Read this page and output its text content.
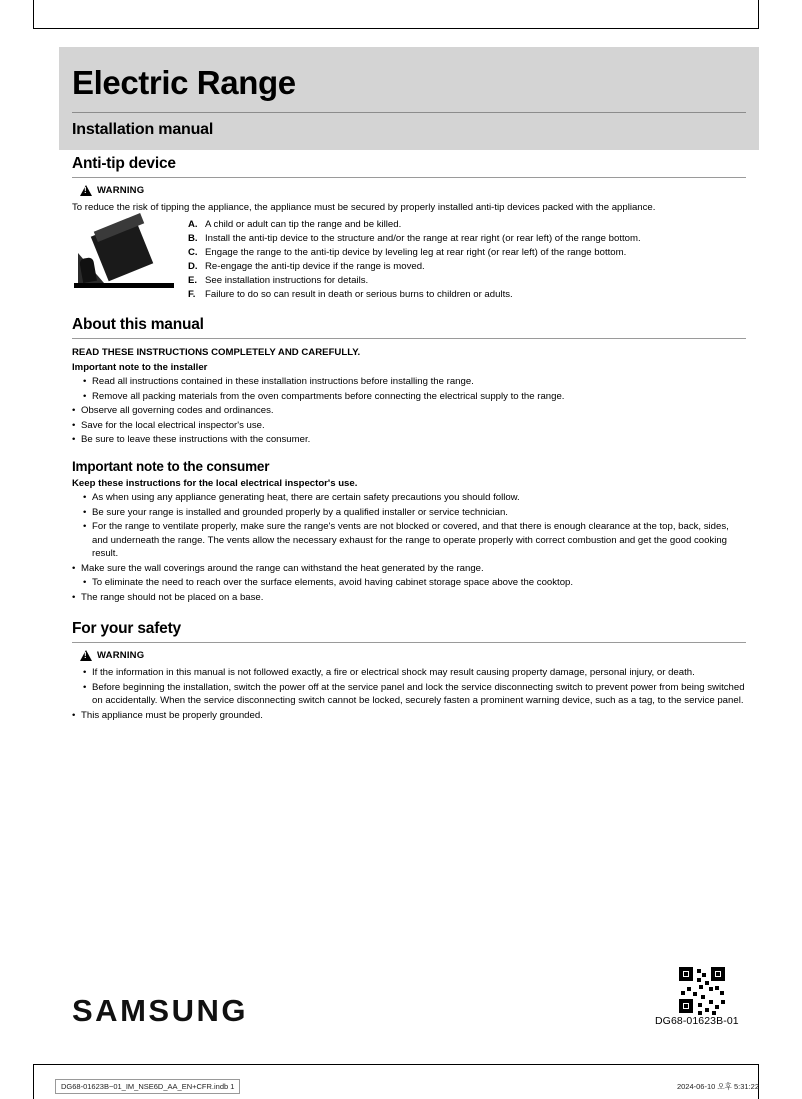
Electric Range
Installation manual
Anti-tip device
!
WARNING

To reduce the risk of tipping the appliance, the appliance must be secured by properly installed anti-tip devices packed with the appliance.

A. A child or adult can tip the range and be killed.
B. Install the anti-tip device to the structure and/or the range at rear right (or rear left) of the range bottom.
C. Engage the range to the anti-tip device by leveling leg at rear right (or rear left) of the range bottom.
D. Re-engage the anti-tip device if the range is moved.
E. See installation instructions for details.
F. Failure to do so can result in death or serious burns to children or adults.
About this manual

READ THESE INSTRUCTIONS COMPLETELY AND CAREFULLY.

Important note to the installer

• Read all instructions contained in these installation instructions before installing the range.
• Remove all packing materials from the oven compartments before connecting the electrical supply to the range.
• Observe all governing codes and ordinances.
• Save for the local electrical inspector's use.
• Be sure to leave these instructions with the consumer.
Important note to the consumer

Keep these instructions for the local electrical inspector's use.

• As when using any appliance generating heat, there are certain safety precautions you should follow.
• Be sure your range is installed and grounded properly by a qualified installer or service technician.
• For the range to ventilate properly, make sure the range's vents are not blocked or covered, and that there is enough clearance at the top, back, sides, and underneath the range. The vents allow the necessary exhaust for the range to operate properly with correct combustion and get the good cooking result.
• Make sure the wall coverings around the range can withstand the heat generated by the range.
• To eliminate the need to reach over the surface elements, avoid having cabinet storage space above the cooktop.
• The range should not be placed on a base.
For your safety
!
WARNING
• If the information in this manual is not followed exactly, a fire or electrical shock may result causing property damage, personal injury, or death.
• Before beginning the installation, switch the power off at the service panel and lock the service disconnecting switch to prevent power from being switched on accidentally. When the service disconnecting switch cannot be locked, securely fasten a prominent warning device, such as a tag, to the service panel.
• This appliance must be properly grounded.
SAMSUNG	DG68-01623B-01
DG68-01623B~01_IM_NSE6D_AA_EN+CFR.indb 1	2024-06-10 오후 5:31:22
